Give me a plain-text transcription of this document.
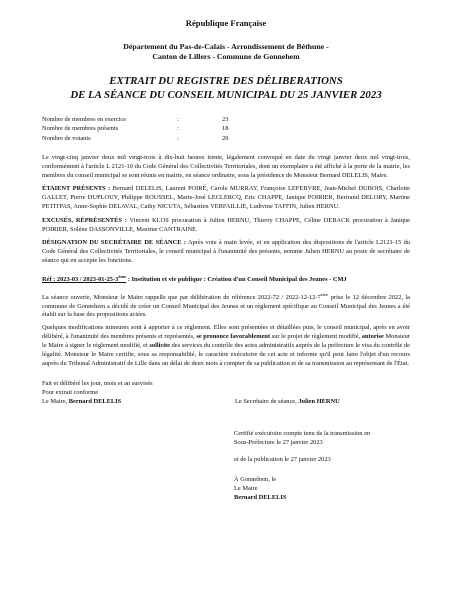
République Française
Département du Pas-de-Calais - Arrondissement de Béthune -
Canton de Lillers - Commune de Gonnehem
EXTRAIT DU REGISTRE DES DÉLIBERATIONS
DE LA SÉANCE DU CONSEIL MUNICIPAL DU 25 JANVIER 2023
Nombre de membres en exercice	:	23
Nombre de membres présents	:	18
Nombre de votants	:	20

Le vingt-cinq janvier deux mil vingt-trois à dix-huit heures trente, légalement convoqué en date du vingt janvier deux mil vingt-trois, conformément à l'article L 2121-10 du Code Général des Collectivités Territoriales, dont un exemplaire a été affiché à la porte de la mairie, les membres du conseil municipal se sont réunis en mairie, en séance ordinaire, sous la présidence de Monsieur Bernard DELELIS, Maire.

ÉTAIENT PRÉSENTS : Bernard DELELIS, Laurent POIRÉ, Carole MURRAY, Françoise LEFEBVRE, Jean-Michel DUBOIS, Charlotte GALLET, Pierre DUPLOUY, Philippe ROUSSEL, Marie-José LECLERCQ, Eric CHAPPE, Janique POIRIER, Bertrand DELORY, Martine PETITPAS, Anne-Sophie DELAVAL, Cathy NICUTA, Sébastien VERFAILLIE, Ludivine TAFFIN, Julien HERNU.

EXCUSÉS, RÉPRÉSENTÉS : Vincent KLOS procuration à Julien HERNU, Thierry CHAPPE, Céline DEBACK procuration à Janique POIRIER, Solène DASSONVILLE, Maxime CANTRAINE.

DÉSIGNATION DU SECRÉTAIRE DE SÉANCE : Après vote à main levée, et en application des dispositions de l'article L2121-15 du Code Général des Collectivités Territoriales, le conseil municipal à l'unanimité des présents, nomme Julien HERNU au poste de secrétaire de séance qui en accepte les fonctions.

Réf : 2023-03 / 2023-01-25-3ème : Institution et vie publique : Création d'un Conseil Municipal des Jeunes - CMJ

La séance ouverte, Monsieur le Maire rappelle que par délibération de référence 2022-72 / 2022-12-12-7ème prise le 12 décembre 2022, la commune de Gonnehem a décidé de créer un Conseil Municipal des Jeunes et un règlement spécifique au Conseil Municipal des Jeunes a été établi sur la base des propositions actées.

Quelques modifications mineures sont à apporter à ce règlement. Elles sont présentées et détaillées puis, le conseil municipal, après en avoir délibéré, à l'unanimité des membres présents et représentés, se prononce favorablement sur le projet de règlement modifié, autorise Monsieur le Maire à signer le règlement modifié, et sollicite des services du contrôle des actes administratifs auprès de la préfecture le visa du contrôle de légalité. Monsieur le Maire certifie, sous sa responsabilité, le caractère exécutoire de cet acte et informe qu'il peut faire l'objet d'un recours auprès du Tribunal Administratif de Lille dans un délai de deux mois à compter de sa publication et de sa transmission au représentant de l'État.

Fait et délibéré les jour, mois et an susvisés
Pour extrait conforme
Le Maire, Bernard DELELIS	Le Secrétaire de séance, Julien HERNU
Certifié exécutoire compte tenu de la transmission en
Sous-Préfecture le 27 janvier 2023
et de la publication le 27 janvier 2023
À Gonnehem, le
Le Maire
Bernard DELELIS
